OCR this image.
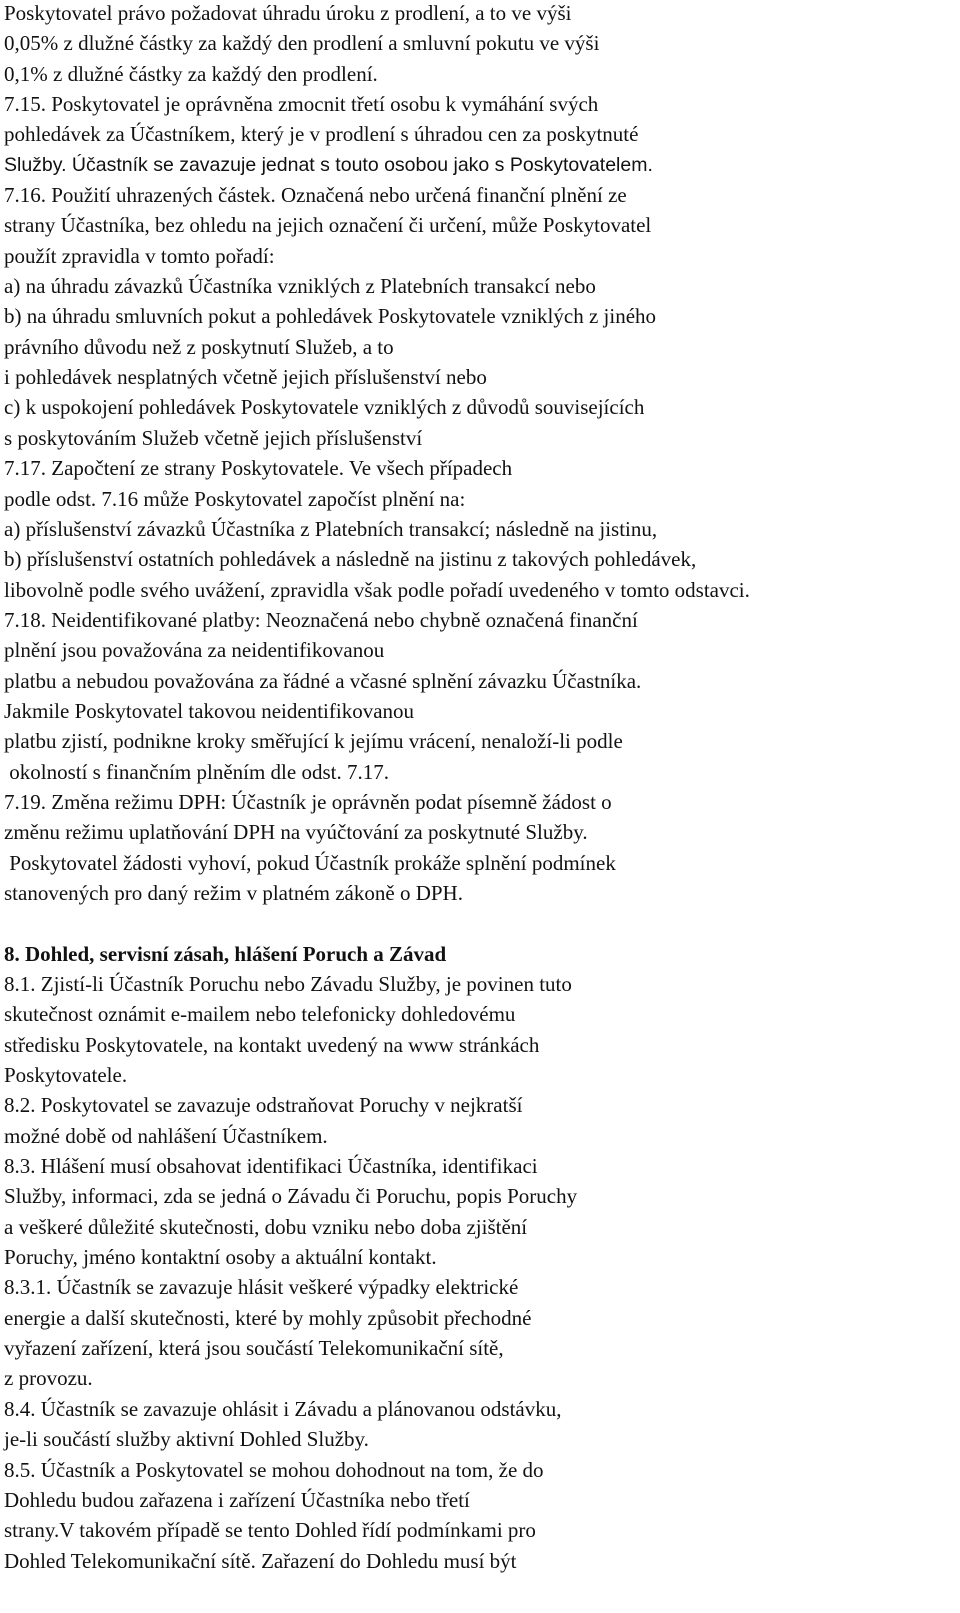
Poskytovatel právo požadovat úhradu úroku z prodlení, a to ve výši
0,05% z dlužné částky za každý den prodlení a smluvní pokutu ve výši
0,1% z dlužné částky za každý den prodlení.
7.15. Poskytovatel je oprávněna zmocnit třetí osobu k vymáhání svých
pohledávek za Účastníkem, který je v prodlení s úhradou cen za poskytnuté
Služby. Účastník se zavazuje jednat s touto osobou jako s Poskytovatelem.
7.16. Použití uhrazených částek. Označená nebo určená finanční plnění ze
strany Účastníka, bez ohledu na jejich označení či určení, může Poskytovatel
použít zpravidla v tomto pořadí:
a) na úhradu závazků Účastníka vzniklých z Platebních transakcí nebo
b) na úhradu smluvních pokut a pohledávek Poskytovatele vzniklých z jiného
právního důvodu než z poskytnutí Služeb, a to
i pohledávek nesplatných včetně jejich příslušenství nebo
c) k uspokojení pohledávek Poskytovatele vzniklých z důvodů souvisejících
s poskytováním Služeb včetně jejich příslušenství
7.17. Započtení ze strany Poskytovatele. Ve všech případech
podle odst. 7.16 může Poskytovatel započíst plnění na:
a) příslušenství závazků Účastníka z Platebních transakcí; následně na jistinu,
b) příslušenství ostatních pohledávek a následně na jistinu z takových pohledávek,
libovolně podle svého uvážení, zpravidla však podle pořadí uvedeného v tomto odstavci.
7.18. Neidentifikované platby: Neoznačená nebo chybně označená finanční
plnění jsou považována za neidentifikovanou
platbu a nebudou považována za řádné a včasné splnění závazku Účastníka.
Jakmile Poskytovatel takovou neidentifikovanou
platbu zjistí, podnikne kroky směřující k jejímu vrácení, nenaloží-li podle
okolností s finančním plněním dle odst. 7.17.
7.19. Změna režimu DPH: Účastník je oprávněn podat písemně žádost o
změnu režimu uplatňování DPH na vyúčtování za poskytnuté Služby.
Poskytovatel žádosti vyhoví, pokud Účastník prokáže splnění podmínek
stanovených pro daný režim v platném zákoně o DPH.
8. Dohled, servisní zásah, hlášení Poruch a Závad
8.1. Zjistí-li Účastník Poruchu nebo Závadu Služby, je povinen tuto
skutečnost oznámit e-mailem nebo telefonicky dohledovému
středisku Poskytovatele, na kontakt uvedený na www stránkách
Poskytovatele.
8.2. Poskytovatel se zavazuje odstraňovat Poruchy v nejkratší
možné době od nahlášení Účastníkem.
8.3. Hlášení musí obsahovat identifikaci Účastníka, identifikaci
Služby, informaci, zda se jedná o Závadu či Poruchu, popis Poruchy
a veškeré důležité skutečnosti, dobu vzniku nebo doba zjištění
Poruchy, jméno kontaktní osoby a aktuální kontakt.
8.3.1. Účastník se zavazuje hlásit veškeré výpadky elektrické
energie a další skutečnosti, které by mohly způsobit přechodné
vyřazení zařízení, která jsou součástí Telekomunikační sítě,
z provozu.
8.4. Účastník se zavazuje ohlásit i Závadu a plánovanou odstávku,
je-li součástí služby aktivní Dohled Služby.
8.5. Účastník a Poskytovatel se mohou dohodnout na tom, že do
Dohledu budou zařazena i zařízení Účastníka nebo třetí
strany.V takovém případě se tento Dohled řídí podmínkami pro
Dohled Telekomunikační sítě. Zařazení do Dohledu musí být
